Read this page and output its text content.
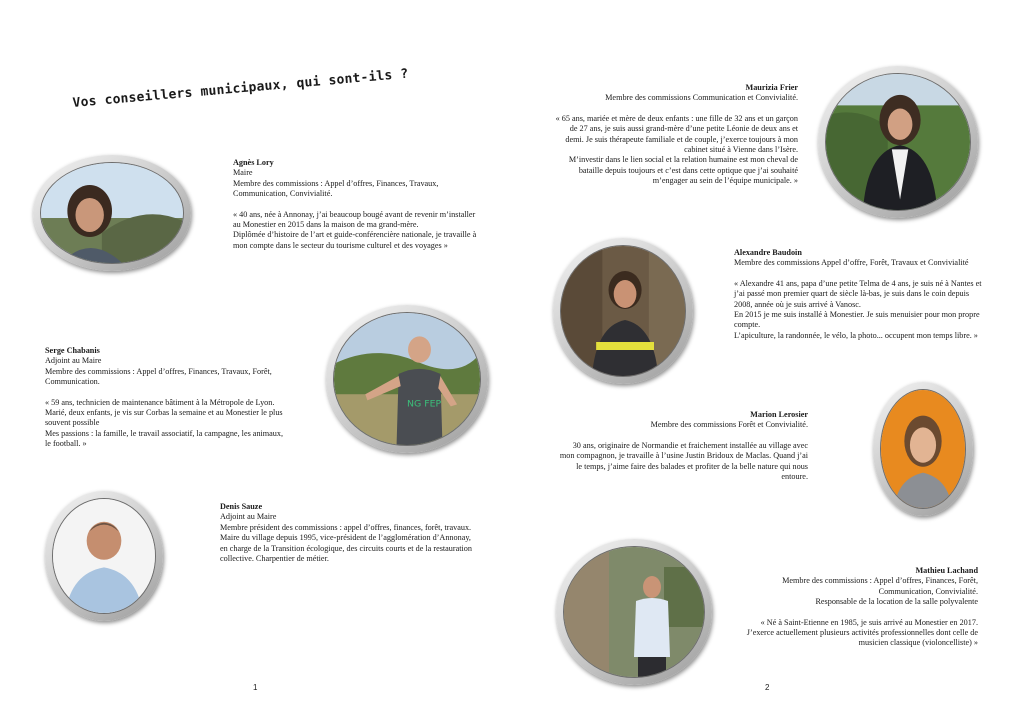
Vos conseillers municipaux, qui sont-ils ?

Agnès Lory

Maire

Membre des commissions : Appel d’offres, Finances, Travaux, Communication, Convivialité.

« 40 ans, née à Annonay, j’ai beaucoup bougé avant de revenir m’installer au Monestier en 2015 dans la maison de ma grand-mère.

Diplômée d’histoire de l’art et guide-conférencière nationale, je travaille à mon compte dans le secteur du tourisme culturel et des voyages »

NG FEP

Serge Chabanis

Adjoint au Maire

Membre des commissions : Appel d’offres, Finances, Travaux, Forêt, Communication.

« 59 ans, technicien de maintenance bâtiment à la Métropole de Lyon. Marié, deux enfants, je vis sur Corbas la semaine et au Monestier le plus souvent possible

Mes passions : la famille, le travail associatif, la campagne, les animaux, le football. »

Denis Sauze

Adjoint au Maire

Membre président des commissions : appel d’offres, finances, forêt, travaux.

Maire du village depuis 1995, vice-président de l’agglomération d’Annonay, en charge de la Transition écologique, des circuits courts et de la restauration collective. Charpentier de métier.

1

Maurizia Frier

Membre des commissions Communication et Convivialité.

« 65 ans, mariée et mère de deux enfants : une fille de 32 ans et un garçon de 27 ans, je suis aussi grand-mère d’une petite Léonie de deux ans et demi. Je suis thérapeute familiale et de couple, j’exerce toujours à mon cabinet situé à Vienne dans l’Isère.

M’investir dans le lien social et la relation humaine est mon cheval de bataille depuis toujours et c’est dans cette optique que j’ai souhaité m’engager au sein de l’équipe municipale. »

Alexandre Baudoin

Membre des commissions Appel d’offre, Forêt, Travaux et Convivialité

« Alexandre 41 ans, papa d’une petite Telma de 4 ans, je suis né à Nantes et j’ai passé mon premier quart de siècle là-bas, je suis dans le coin depuis 2008, année où je suis arrivé à Vanosc.

En 2015 je me suis installé à Monestier. Je suis menuisier pour mon propre compte.

L’apiculture, la randonnée, le vélo, la photo... occupent mon temps libre. »

Marion Lerosier

Membre des commissions Forêt et Convivialité.

30 ans, originaire de Normandie et fraichement installée au village avec mon compagnon, je travaille à l’usine Justin Bridoux de Maclas. Quand j’ai le temps, j’aime faire des balades et profiter de la belle nature qui nous entoure.

Mathieu Lachand

Membre des commissions : Appel d’offres, Finances, Forêt, Communication, Convivialité.

Responsable de la location de la salle polyvalente

« Né à Saint-Etienne en 1985, je suis arrivé au Monestier en 2017.

J’exerce actuellement plusieurs activités professionnelles dont celle de musicien classique (violoncelliste) »

2
